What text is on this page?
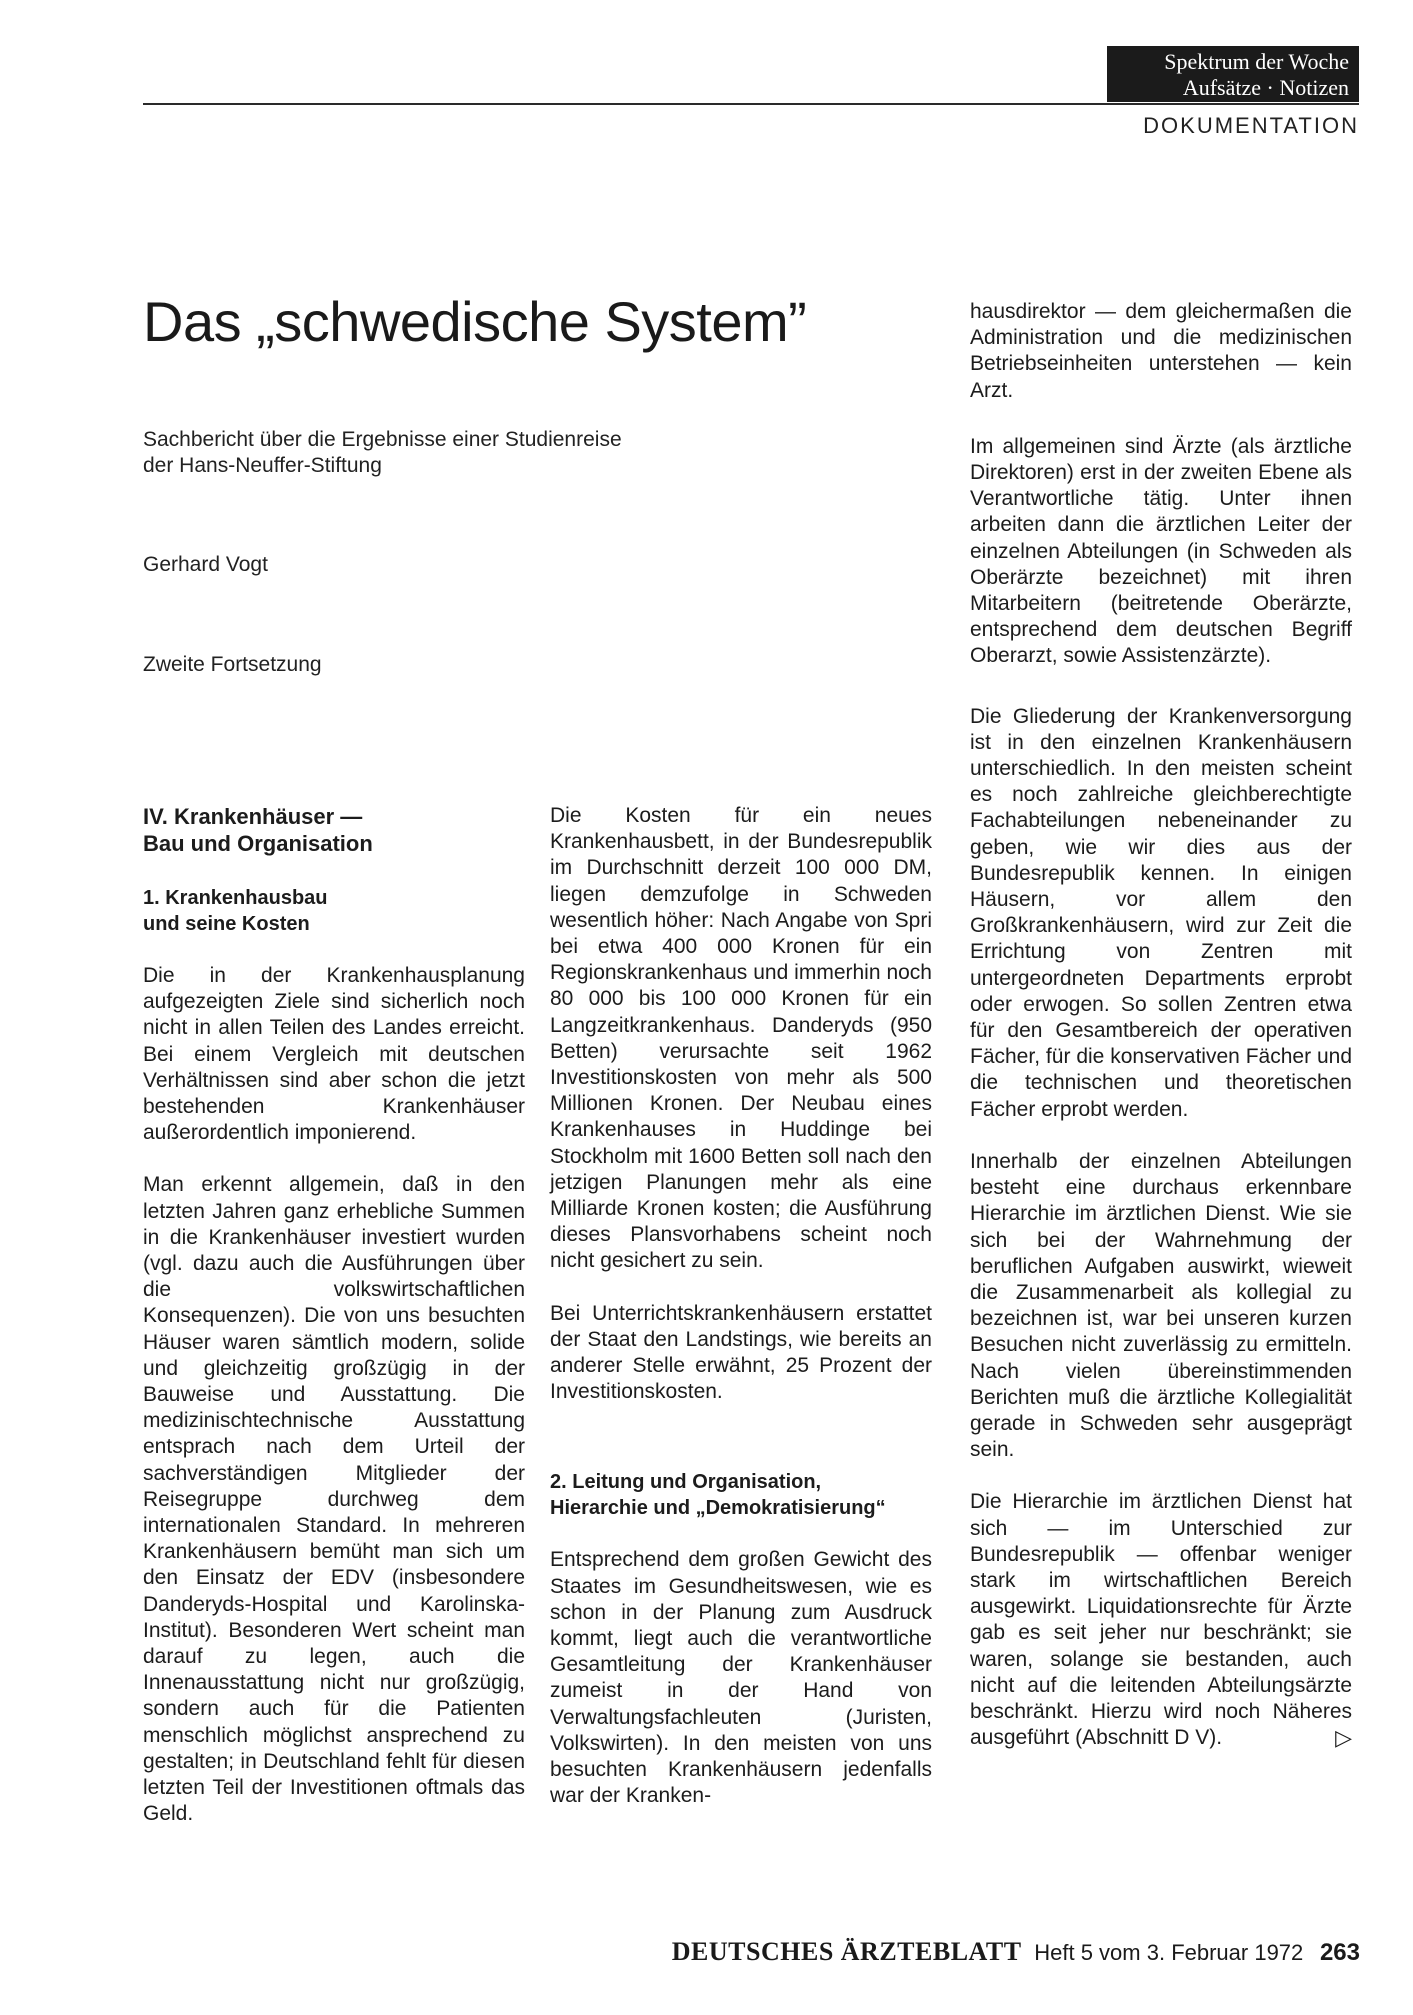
Spektrum der Woche
Aufsätze · Notizen
DOKUMENTATION
Das „schwedische System”
Sachbericht über die Ergebnisse einer Studienreise
der Hans-Neuffer-Stiftung
Gerhard Vogt
Zweite Fortsetzung
IV. Krankenhäuser —
Bau und Organisation
1. Krankenhausbau
und seine Kosten

Die in der Krankenhausplanung aufgezeigten Ziele sind sicherlich noch nicht in allen Teilen des Landes erreicht. Bei einem Vergleich mit deutschen Verhältnissen sind aber schon die jetzt bestehenden Krankenhäuser außerordentlich imponierend.

Man erkennt allgemein, daß in den letzten Jahren ganz erhebliche Summen in die Krankenhäuser investiert wurden (vgl. dazu auch die Ausführungen über die volkswirtschaftlichen Konsequenzen). Die von uns besuchten Häuser waren sämtlich modern, solide und gleichzeitig großzügig in der Bauweise und Ausstattung. Die medizinischtechnische Ausstattung entsprach nach dem Urteil der sachverständigen Mitglieder der Reisegruppe durchweg dem internationalen Standard. In mehreren Krankenhäusern bemüht man sich um den Einsatz der EDV (insbesondere Danderyds-Hospital und Karolinska-Institut). Besonderen Wert scheint man darauf zu legen, auch die Innenausstattung nicht nur großzügig, sondern auch für die Patienten menschlich möglichst ansprechend zu gestalten; in Deutschland fehlt für diesen letzten Teil der Investitionen oftmals das Geld.

Die Kosten für ein neues Krankenhausbett, in der Bundesrepublik im Durchschnitt derzeit 100 000 DM, liegen demzufolge in Schweden wesentlich höher: Nach Angabe von Spri bei etwa 400 000 Kronen für ein Regionskrankenhaus und immerhin noch 80 000 bis 100 000 Kronen für ein Langzeitkrankenhaus. Danderyds (950 Betten) verursachte seit 1962 Investitionskosten von mehr als 500 Millionen Kronen. Der Neubau eines Krankenhauses in Huddinge bei Stockholm mit 1600 Betten soll nach den jetzigen Planungen mehr als eine Milliarde Kronen kosten; die Ausführung dieses Plansvorhabens scheint noch nicht gesichert zu sein.

Bei Unterrichtskrankenhäusern erstattet der Staat den Landstings, wie bereits an anderer Stelle erwähnt, 25 Prozent der Investitionskosten.

2. Leitung und Organisation,
Hierarchie und „Demokratisierung“

Entsprechend dem großen Gewicht des Staates im Gesundheitswesen, wie es schon in der Planung zum Ausdruck kommt, liegt auch die verantwortliche Gesamtleitung der Krankenhäuser zumeist in der Hand von Verwaltungsfachleuten (Juristen, Volkswirten). In den meisten von uns besuchten Krankenhäusern jedenfalls war der Kranken-

hausdirektor — dem gleichermaßen die Administration und die medizinischen Betriebseinheiten unterstehen — kein Arzt.

Im allgemeinen sind Ärzte (als ärztliche Direktoren) erst in der zweiten Ebene als Verantwortliche tätig. Unter ihnen arbeiten dann die ärztlichen Leiter der einzelnen Abteilungen (in Schweden als Oberärzte bezeichnet) mit ihren Mitarbeitern (beitretende Oberärzte, entsprechend dem deutschen Begriff Oberarzt, sowie Assistenzärzte).

Die Gliederung der Krankenversorgung ist in den einzelnen Krankenhäusern unterschiedlich. In den meisten scheint es noch zahlreiche gleichberechtigte Fachabteilungen nebeneinander zu geben, wie wir dies aus der Bundesrepublik kennen. In einigen Häusern, vor allem den Großkrankenhäusern, wird zur Zeit die Errichtung von Zentren mit untergeordneten Departments erprobt oder erwogen. So sollen Zentren etwa für den Gesamtbereich der operativen Fächer, für die konservativen Fächer und die technischen und theoretischen Fächer erprobt werden.

Innerhalb der einzelnen Abteilungen besteht eine durchaus erkennbare Hierarchie im ärztlichen Dienst. Wie sie sich bei der Wahrnehmung der beruflichen Aufgaben auswirkt, wieweit die Zusammenarbeit als kollegial zu bezeichnen ist, war bei unseren kurzen Besuchen nicht zuverlässig zu ermitteln. Nach vielen übereinstimmenden Berichten muß die ärztliche Kollegialität gerade in Schweden sehr ausgeprägt sein.

Die Hierarchie im ärztlichen Dienst hat sich — im Unterschied zur Bundesrepublik — offenbar weniger stark im wirtschaftlichen Bereich ausgewirkt. Liquidationsrechte für Ärzte gab es seit jeher nur beschränkt; sie waren, solange sie bestanden, auch nicht auf die leitenden Abteilungsärzte beschränkt. Hierzu wird noch Näheres ausgeführt (Abschnitt D V).	▷

DEUTSCHES ÄRZTEBLATT Heft 5 vom 3. Februar 1972 263
